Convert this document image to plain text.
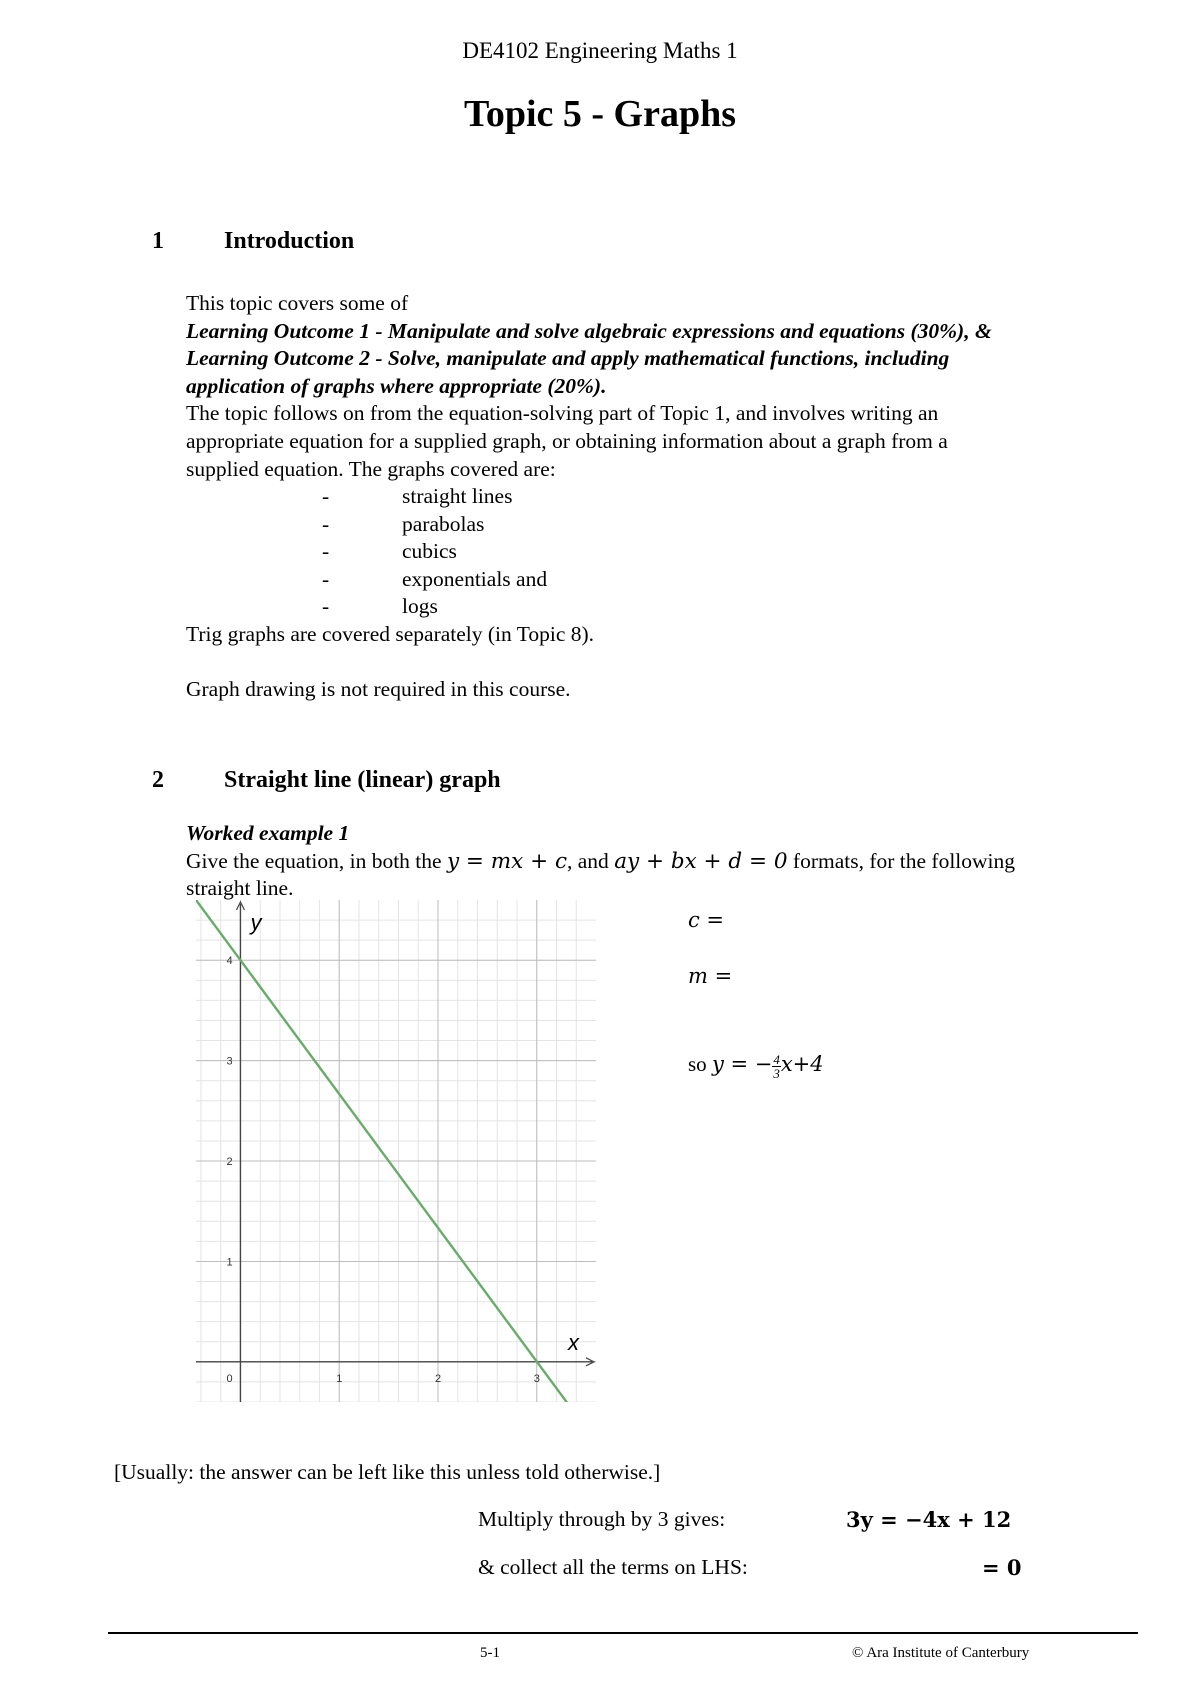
DE4102 Engineering Maths 1
Topic 5 - Graphs
1	Introduction
This topic covers some of
Learning Outcome 1 - Manipulate and solve algebraic expressions and equations (30%), &
Learning Outcome 2 - Solve, manipulate and apply mathematical functions, including
application of graphs where appropriate (20%).
The topic follows on from the equation-solving part of Topic 1, and involves writing an
appropriate equation for a supplied graph, or obtaining information about a graph from a
supplied equation. The graphs covered are:
-	straight lines
-	parabolas
-	cubics
-	exponentials and
-	logs
Trig graphs are covered separately (in Topic 8).
Graph drawing is not required in this course.
2	Straight line (linear) graph
Worked example 1
Give the equation, in both the y = mx + c, and ay + bx + d = 0 formats, for the following
straight line.
0	1	2	3
1
2
3
4
x
y	c =
m =
so y = − $\frac{4}{3} x+4$
[Usually: the answer can be left like this unless told otherwise.]
Multiply through by 3 gives:	3y = −4x + 12
& collect all the terms on LHS:	= 0
5-1	© Ara Institute of Canterbury
